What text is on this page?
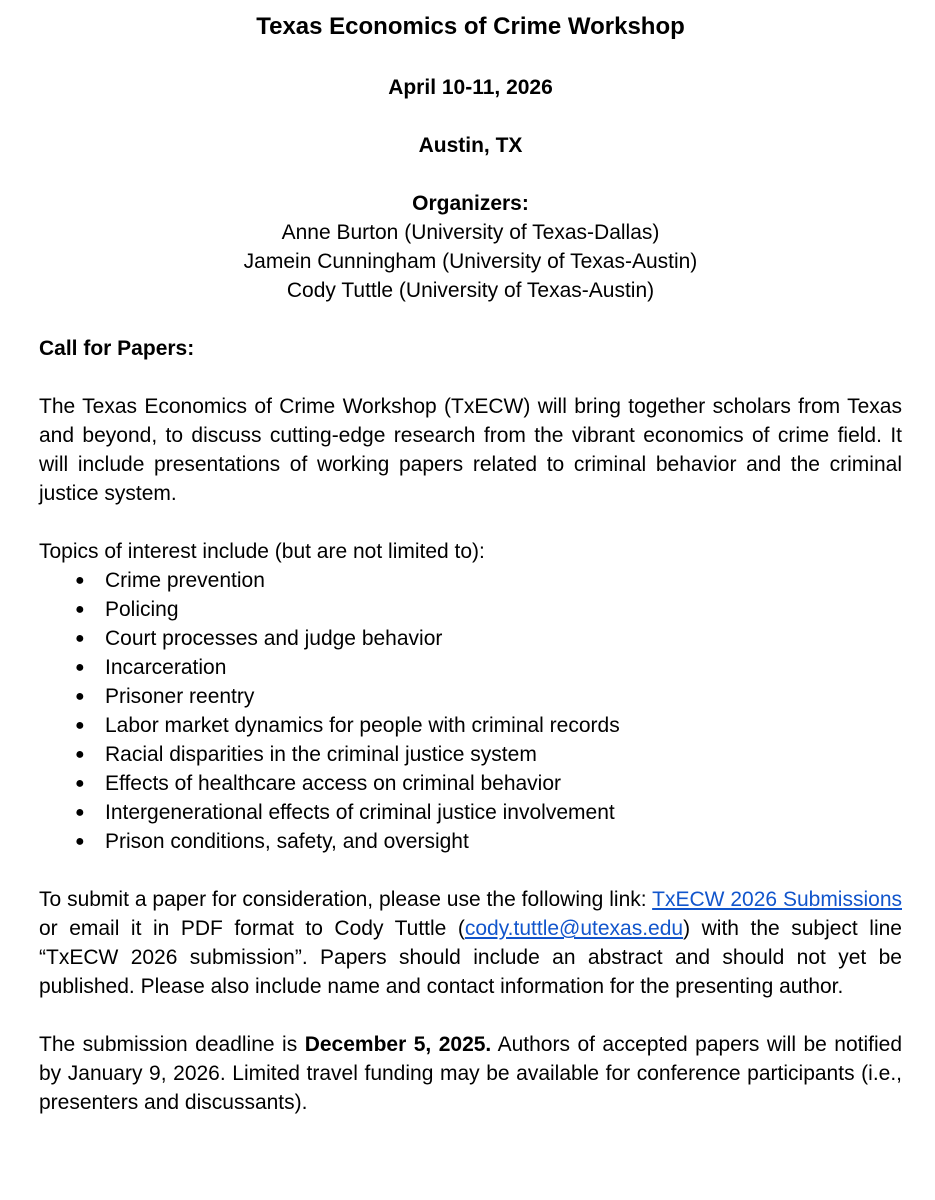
Texas Economics of Crime Workshop

April 10-11, 2026

Austin, TX

Organizers:

Anne Burton (University of Texas-Dallas)

Jamein Cunningham (University of Texas-Austin)

Cody Tuttle (University of Texas-Austin)

Call for Papers:

The Texas Economics of Crime Workshop (TxECW) will bring together scholars from Texas and beyond, to discuss cutting-edge research from the vibrant economics of crime field. It will include presentations of working papers related to criminal behavior and the criminal justice system.

Topics of interest include (but are not limited to):

● Crime prevention
● Policing
● Court processes and judge behavior
● Incarceration
● Prisoner reentry
● Labor market dynamics for people with criminal records
● Racial disparities in the criminal justice system
● Effects of healthcare access on criminal behavior
● Intergenerational effects of criminal justice involvement
● Prison conditions, safety, and oversight

To submit a paper for consideration, please use the following link: TxECW 2026 Submissions or email it in PDF format to Cody Tuttle (cody.tuttle@utexas.edu) with the subject line “TxECW 2026 submission”. Papers should include an abstract and should not yet be published. Please also include name and contact information for the presenting author.

The submission deadline is December 5, 2025. Authors of accepted papers will be notified by January 9, 2026. Limited travel funding may be available for conference participants (i.e., presenters and discussants).
